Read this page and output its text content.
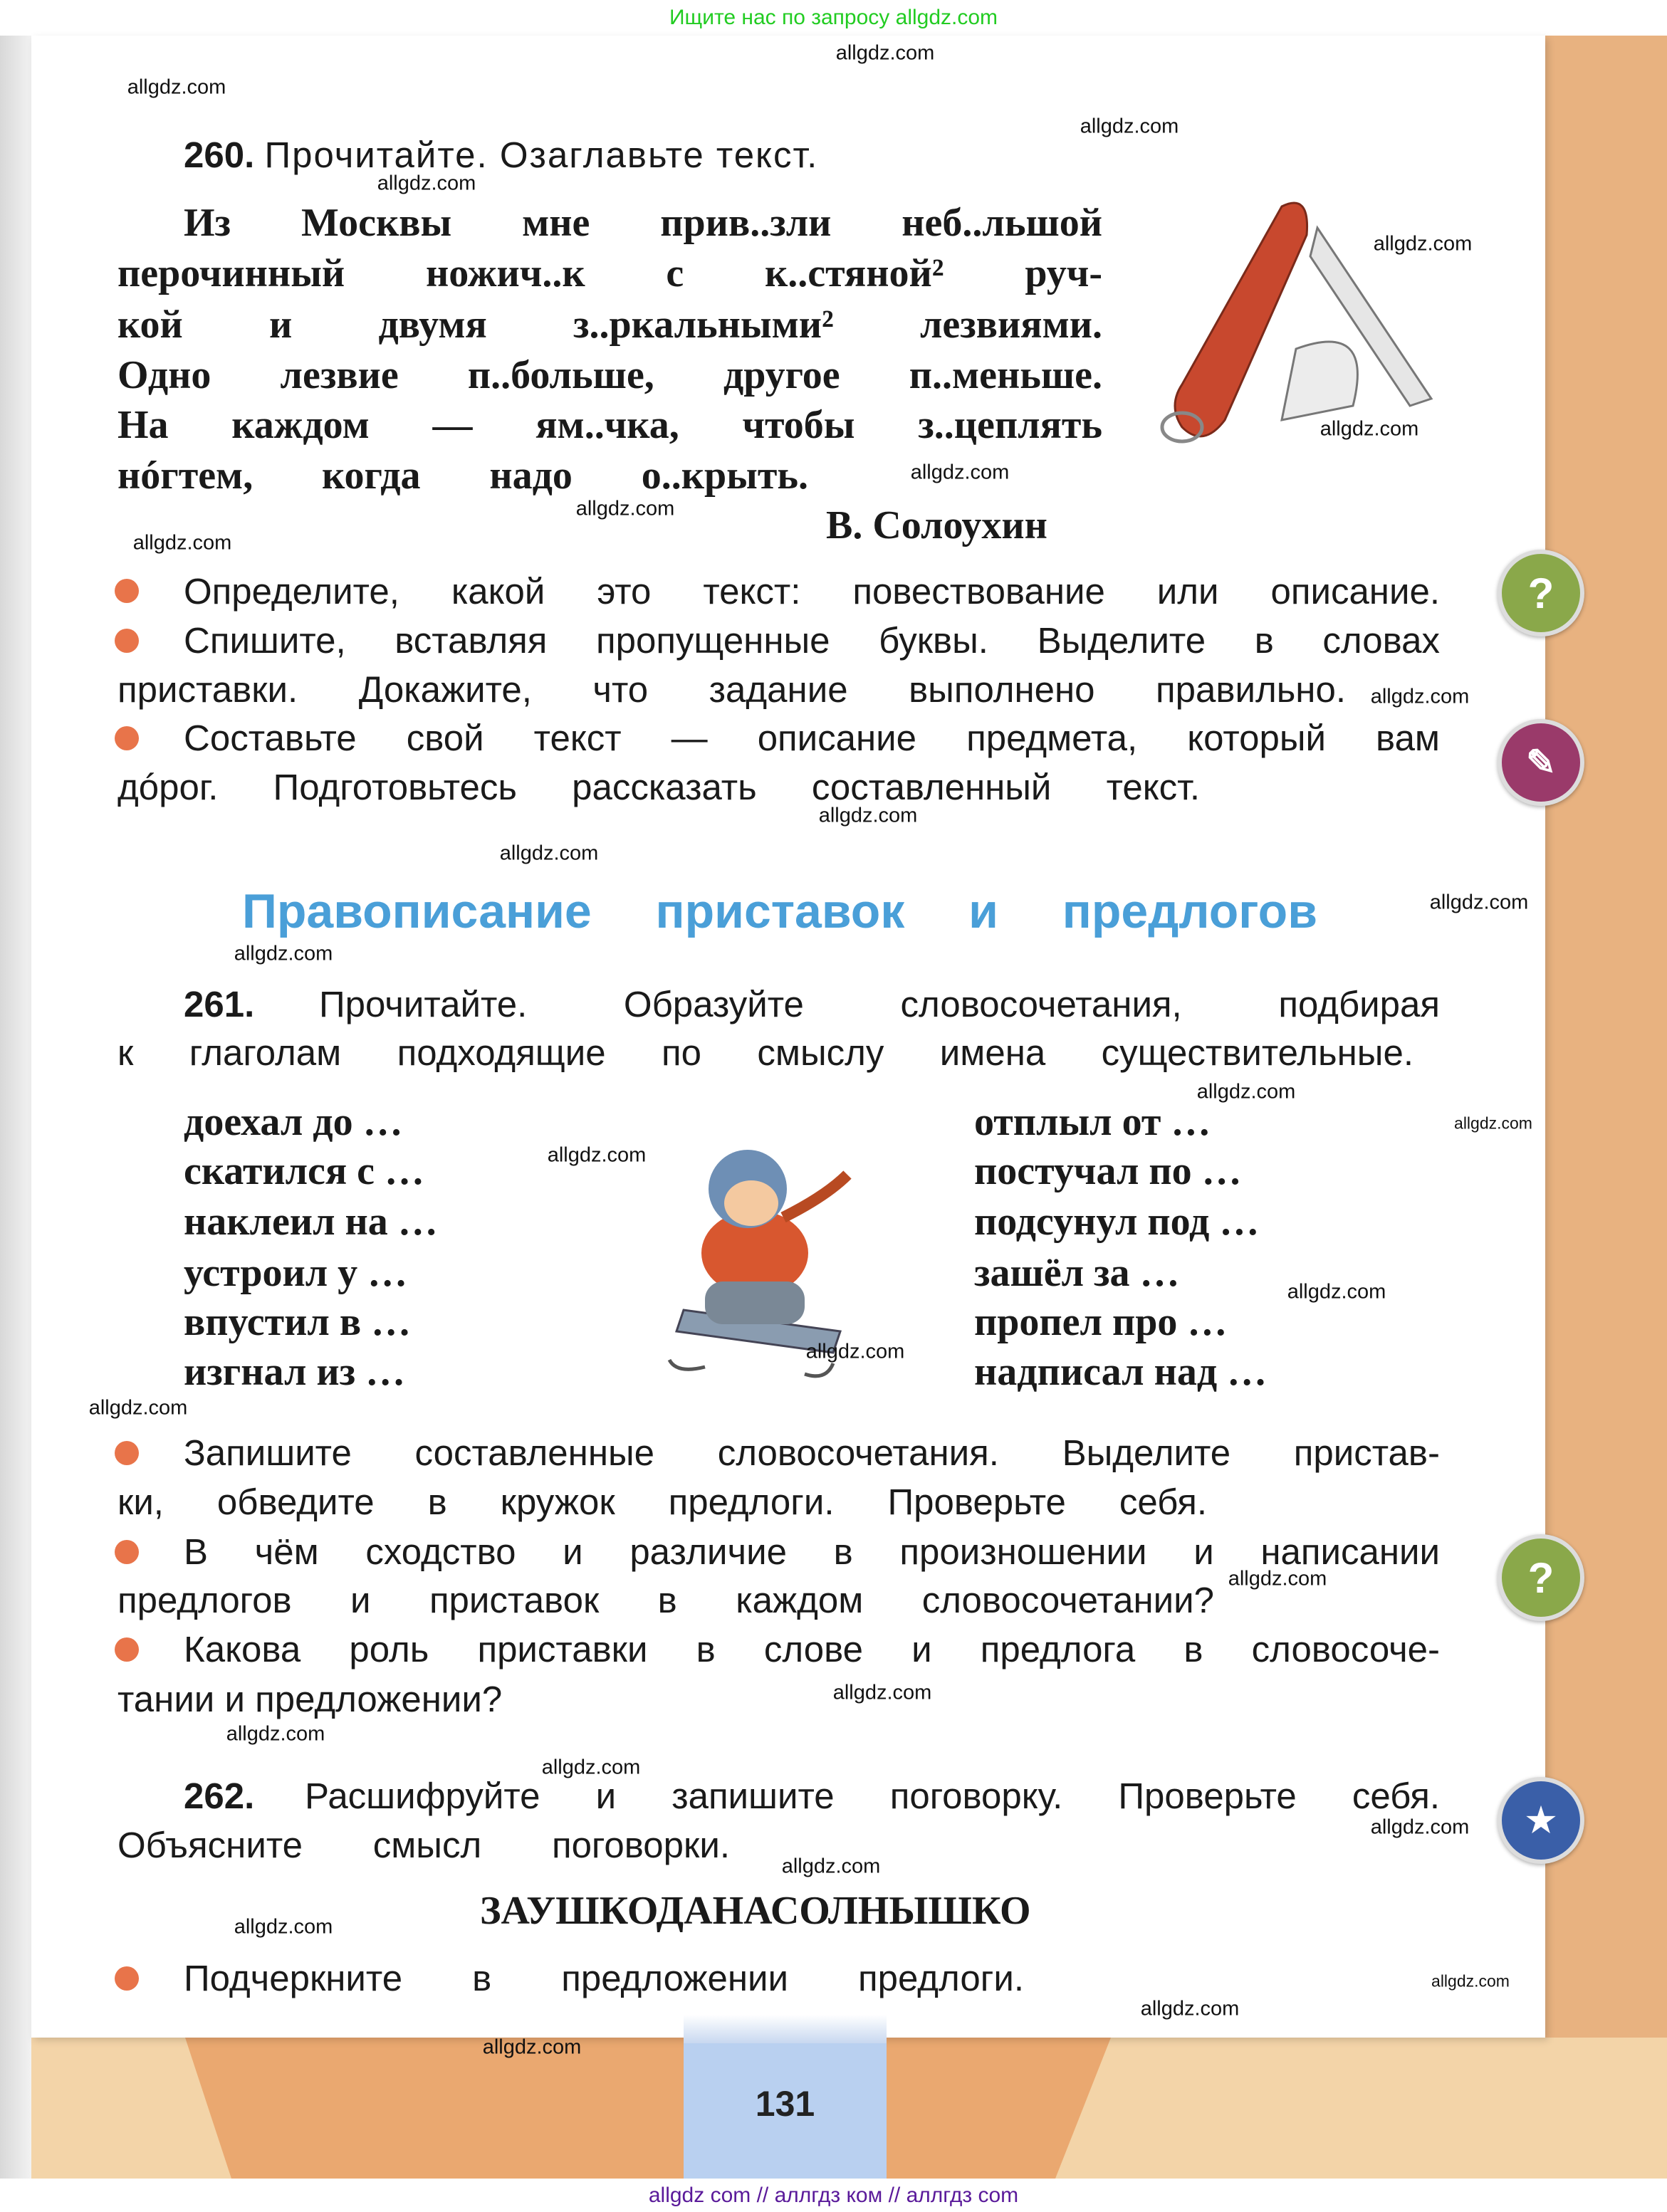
Ищите нас по запросу allgdz.com
131
allgdz com // аллгдз ком // аллгдз com
260. Прочитайте. Озаглавьте текст.
Из Москвы мне прив..зли неб..льшой
перочинный ножич..к с к..стяной² руч-
кой и двумя з..ркальными² лезвиями.
Одно лезвие п..больше, другое п..меньше.
На каждом — ям..чка, чтобы з..цеплять
нóгтем, когда надо о..крыть.
В. Солоухин
Определите, какой это текст: повествование или описание.
Спишите, вставляя пропущенные буквы. Выделите в словах
приставки. Докажите, что задание выполнено правильно.
Составьте свой текст — описание предмета, который вам
дóрог. Подготовьтесь рассказать составленный текст.
Правописание приставок и предлогов
261. Прочитайте. Образуйте словосочетания, подбирая
к глаголам подходящие по смыслу имена существительные.
доехал до …
скатился с …
наклеил на …
устроил у …
впустил в …
изгнал из …
отплыл от …
постучал по …
подсунул под …
зашёл за …
пропел про …
надписал над …
Запишите составленные словосочетания. Выделите пристав-
ки, обведите в кружок предлоги. Проверьте себя.
В чём сходство и различие в произношении и написании
предлогов и приставок в каждом словосочетании?
Какова роль приставки в слове и предлога в словосоче-
тании и предложении?
262. Расшифруйте и запишите поговорку. Проверьте себя.
Объясните смысл поговорки.
ЗАУШКОДАНАСОЛНЫШКО
Подчеркните в предложении предлоги.
?
✎
?
★
allgdz.com
allgdz.com
allgdz.com
allgdz.com
allgdz.com
allgdz.com
allgdz.com
allgdz.com
allgdz.com
allgdz.com
allgdz.com
allgdz.com
allgdz.com
allgdz.com
allgdz.com
allgdz.com
allgdz.com
allgdz.com
allgdz.com
allgdz.com
allgdz.com
allgdz.com
allgdz.com
allgdz.com
allgdz.com
allgdz.com
allgdz.com
allgdz.com
allgdz.com
allgdz.com
